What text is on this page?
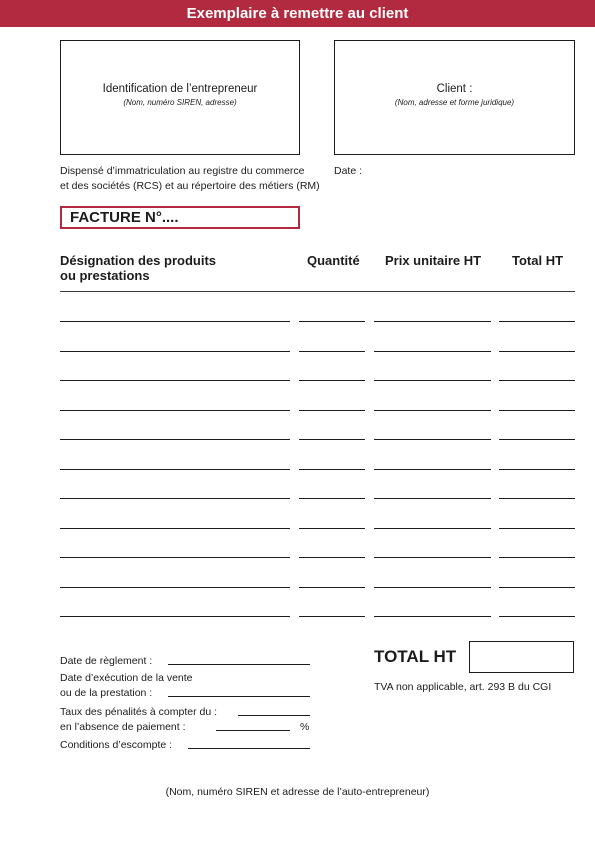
Exemplaire à remettre au client
Identification de l’entrepreneur
(Nom, numéro SIREN, adresse)
Client :
(Nom, adresse et forme juridique)
Dispensé d’immatriculation au registre du commerce
et des sociétés (RCS) et au répertoire des métiers (RM)
Date :
FACTURE N°....
Désignation des produits
ou prestations
Quantité Prix unitaire HT Total HT
Date de règlement :
Date d’exécution de la vente
ou de la prestation :
Taux des pénalités à compter du :
en l’absence de paiement :	%
Conditions d’escompte :
TOTAL HT
TVA non applicable, art. 293 B du CGI
(Nom, numéro SIREN et adresse de l’auto-entrepreneur)
